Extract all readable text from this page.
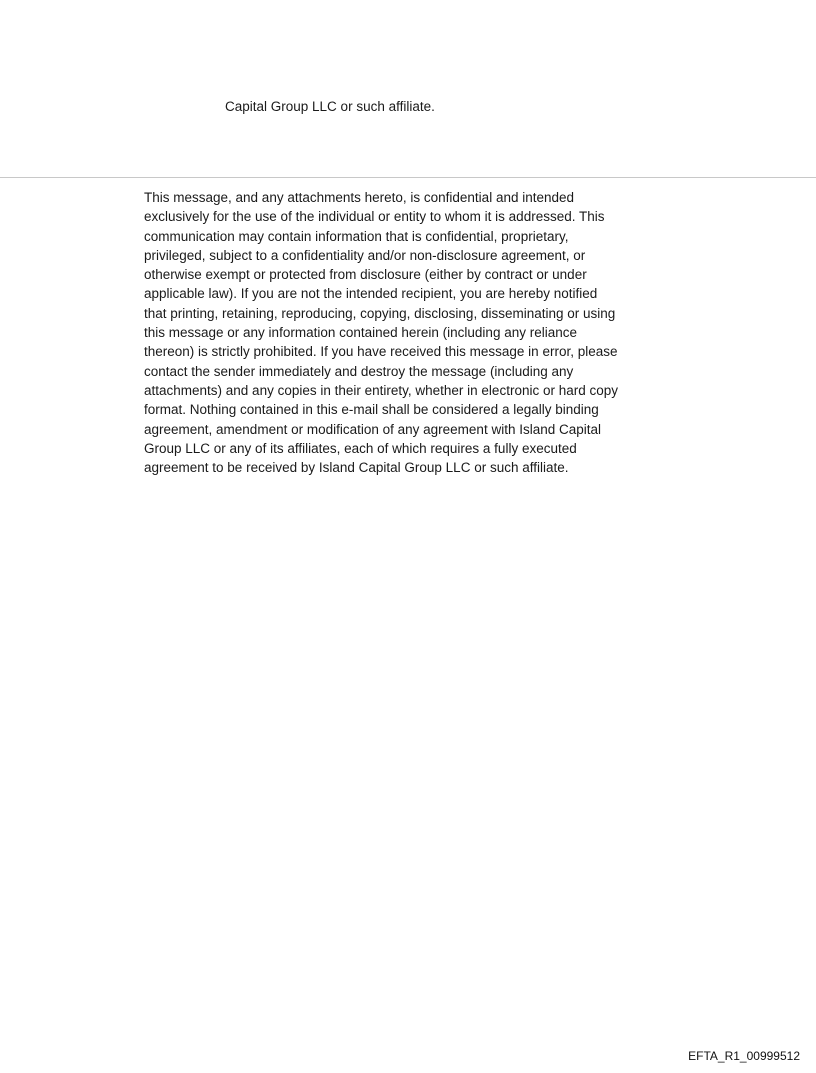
Capital Group LLC or such affiliate.
This message, and any attachments hereto, is confidential and intended
exclusively for the use of the individual or entity to whom it is addressed. This
communication may contain information that is confidential, proprietary,
privileged, subject to a confidentiality and/or non-disclosure agreement, or
otherwise exempt or protected from disclosure (either by contract or under
applicable law). If you are not the intended recipient, you are hereby notified
that printing, retaining, reproducing, copying, disclosing, disseminating or using
this message or any information contained herein (including any reliance
thereon) is strictly prohibited. If you have received this message in error, please
contact the sender immediately and destroy the message (including any
attachments) and any copies in their entirety, whether in electronic or hard copy
format. Nothing contained in this e-mail shall be considered a legally binding
agreement, amendment or modification of any agreement with Island Capital
Group LLC or any of its affiliates, each of which requires a fully executed
agreement to be received by Island Capital Group LLC or such affiliate.
EFTA_R1_00999512
